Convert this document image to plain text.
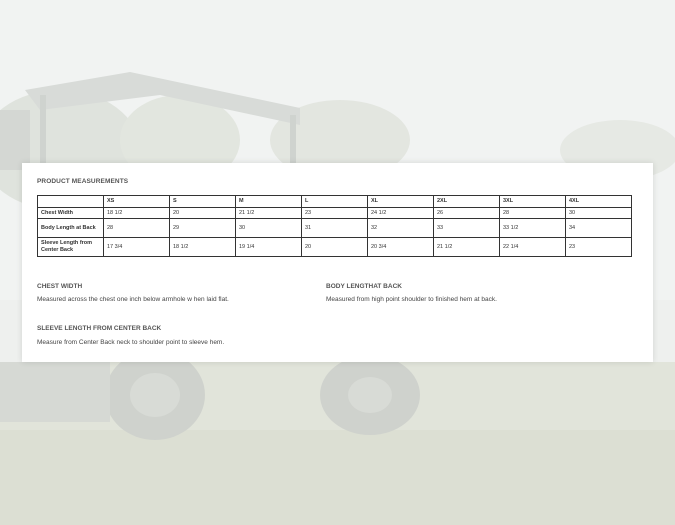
PRODUCT MEASUREMENTS
	XS	S	M	L	XL	2XL	3XL	4XL
Chest Width	18 1/2	20	21 1/2	23	24 1/2	26	28	30
Body Length at Back	28	29	30	31	32	33	33 1/2	34
Sleeve Length from Center Back	17 3/4	18 1/2	19 1/4	20	20 3/4	21 1/2	22 1/4	23
CHEST WIDTH
Measured across the chest one inch below armhole w hen laid flat.
BODY LENGTHAT BACK
Measured from high point shoulder to finished hem at back.
SLEEVE LENGTH FROM CENTER BACK
Measure from Center Back neck to shoulder point to sleeve hem.
